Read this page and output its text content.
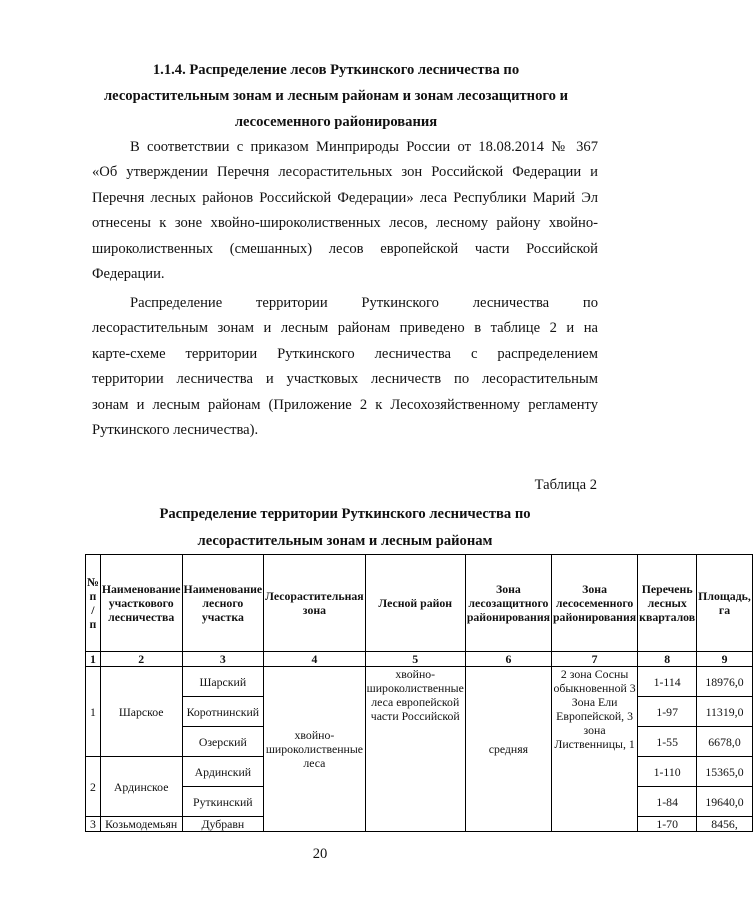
1.1.4. Распределение лесов Руткинского лесничества по
лесорастительным зонам и лесным районам и зонам лесозащитного и
лесосеменного районирования
В соответствии с приказом Минприроды России от 18.08.2014 № 367
«Об утверждении Перечня лесорастительных зон Российской Федерации и
Перечня лесных районов Российской Федерации» леса Республики Марий Эл
отнесены к зоне хвойно-широколиственных лесов, лесному району хвойно-
широколиственных (смешанных) лесов европейской части Российской
Федерации.
Распределение территории Руткинского лесничества по
лесорастительным зонам и лесным районам приведено в таблице 2 и на
карте-схеме территории Руткинского лесничества с распределением
территории лесничества и участковых лесничеств по лесорастительным
зонам и лесным районам (Приложение 2 к Лесохозяйственному регламенту
Руткинского лесничества).
Таблица 2
Распределение территории Руткинского лесничества по
лесорастительным зонам и лесным районам
№ п / п	Наименование участкового лесничества	Наименование лесного участка	Лесорастительная зона	Лесной район	Зона лесозащитного районирования	Зона лесосеменного районирования	Перечень лесных кварталов	Площадь, га
1	2	3	4	5	6	7	8	9
1	Шарское	Шарский	хвойно-широколиственные леса	хвойно-широколиственные леса европейской части Российской	средняя	2 зона Сосны обыкновенной 3 Зона Ели Европейской, 3 зона Лиственницы, 1	1-114	18976,0
		Коротнинский					1-97	11319,0
		Озерский					1-55	6678,0
2	Ардинское	Ардинский					1-110	15365,0
		Руткинский					1-84	19640,0
3	Козьмодемьян	Дубравн					1-70	8456,
20
